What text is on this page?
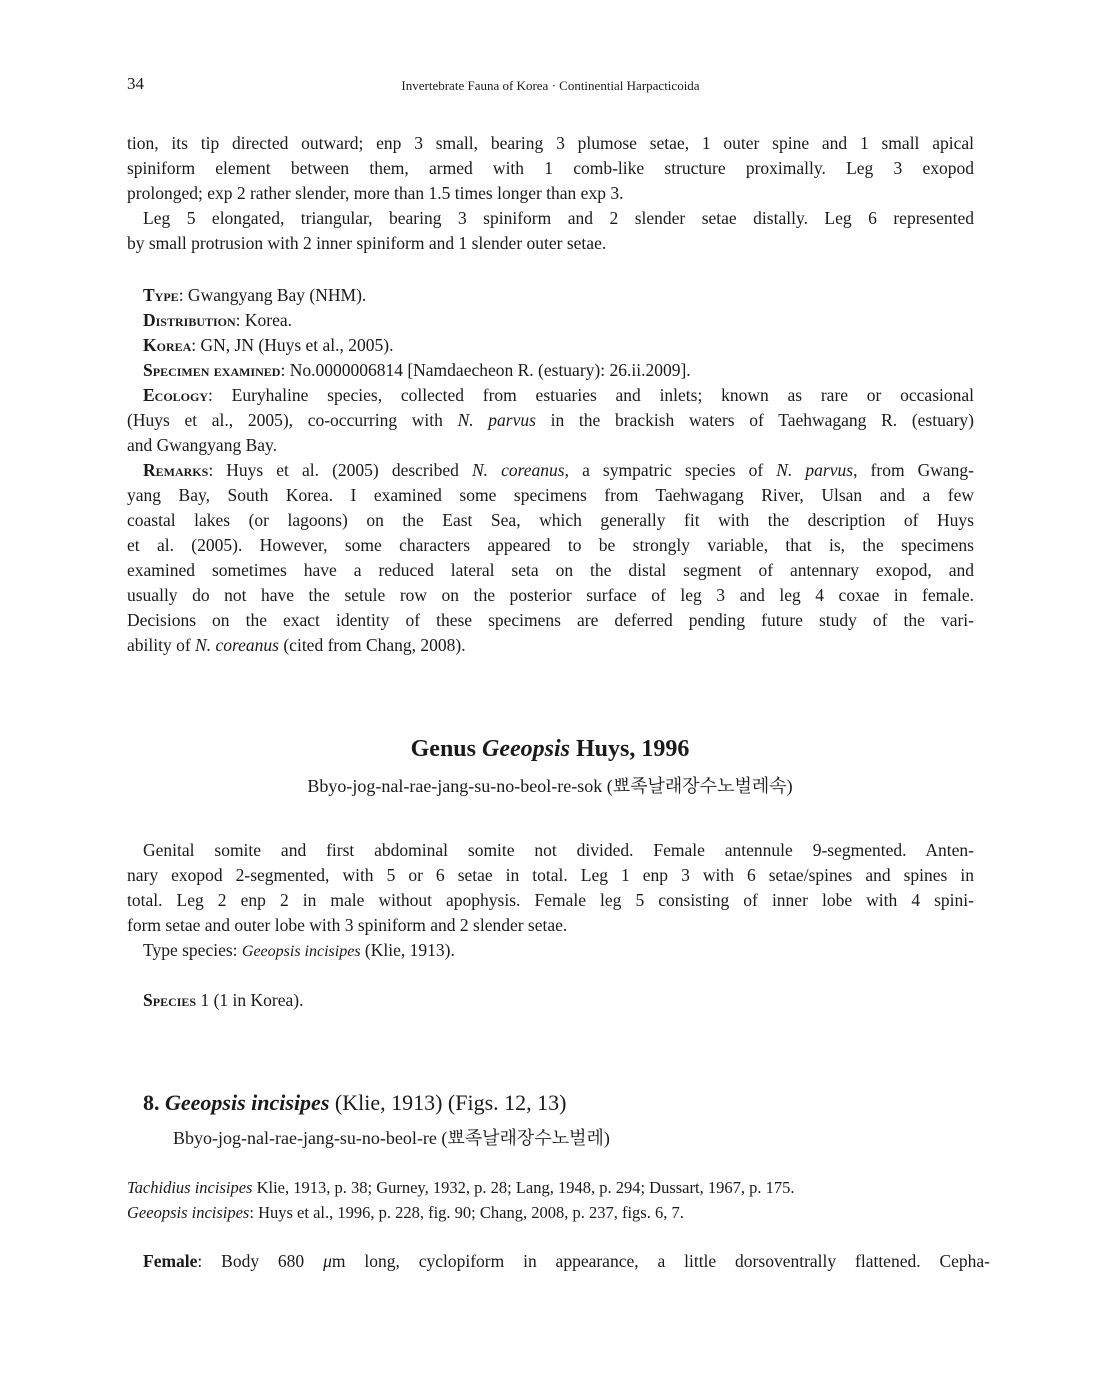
34	Invertebrate Fauna of Korea · Continential Harpacticoida
tion, its tip directed outward; enp 3 small, bearing 3 plumose setae, 1 outer spine and 1 small apical
spiniform element between them, armed with 1 comb-like structure proximally. Leg 3 exopod
prolonged; exp 2 rather slender, more than 1.5 times longer than exp 3.
Leg 5 elongated, triangular, bearing 3 spiniform and 2 slender setae distally. Leg 6 represented
by small protrusion with 2 inner spiniform and 1 slender outer setae.
Type: Gwangyang Bay (NHM).
Distribution: Korea.
Korea: GN, JN (Huys et al., 2005).
Specimen examined: No.0000006814 [Namdaecheon R. (estuary): 26.ii.2009].
Ecology: Euryhaline species, collected from estuaries and inlets; known as rare or occasional
(Huys et al., 2005), co-occurring with N. parvus in the brackish waters of Taehwagang R. (estuary)
and Gwangyang Bay.
Remarks: Huys et al. (2005) described N. coreanus, a sympatric species of N. parvus, from Gwang-
yang Bay, South Korea. I examined some specimens from Taehwagang River, Ulsan and a few
coastal lakes (or lagoons) on the East Sea, which generally fit with the description of Huys
et al. (2005). However, some characters appeared to be strongly variable, that is, the specimens
examined sometimes have a reduced lateral seta on the distal segment of antennary exopod, and
usually do not have the setule row on the posterior surface of leg 3 and leg 4 coxae in female.
Decisions on the exact identity of these specimens are deferred pending future study of the vari-
ability of N. coreanus (cited from Chang, 2008).
Genus Geeopsis Huys, 1996
Bbyo-jog-nal-rae-jang-su-no-beol-re-sok (뾰족날래장수노벌레속)
Genital somite and first abdominal somite not divided. Female antennule 9-segmented. Anten-
nary exopod 2-segmented, with 5 or 6 setae in total. Leg 1 enp 3 with 6 setae/spines and spines in
total. Leg 2 enp 2 in male without apophysis. Female leg 5 consisting of inner lobe with 4 spini-
form setae and outer lobe with 3 spiniform and 2 slender setae.
Type species: Geeopsis incisipes (Klie, 1913).
Species 1 (1 in Korea).
8. Geeopsis incisipes (Klie, 1913) (Figs. 12, 13)
Bbyo-jog-nal-rae-jang-su-no-beol-re (뾰족날래장수노벌레)
Tachidius incisipes Klie, 1913, p. 38; Gurney, 1932, p. 28; Lang, 1948, p. 294; Dussart, 1967, p. 175.
Geeopsis incisipes: Huys et al., 1996, p. 228, fig. 90; Chang, 2008, p. 237, figs. 6, 7.
Female: Body 680 μm long, cyclopiform in appearance, a little dorsoventrally flattened. Cepha-
